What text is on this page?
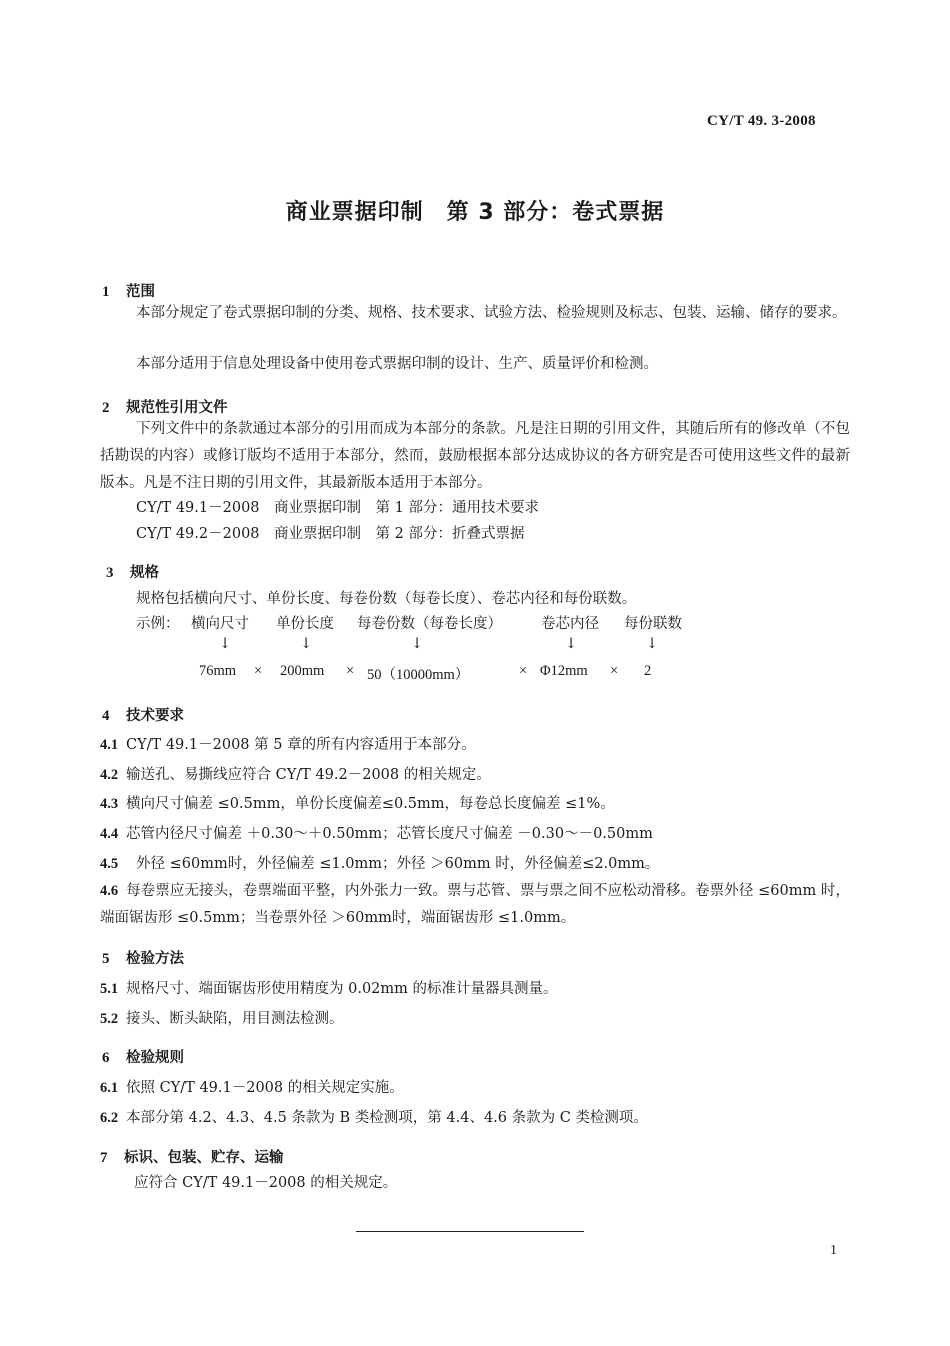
CY/T 49. 3-2008
商业票据印制　第 3 部分：卷式票据
1 范围
本部分规定了卷式票据印制的分类、规格、技术要求、试验方法、检验规则及标志、包装、运输、储存的要求。
本部分适用于信息处理设备中使用卷式票据印制的设计、生产、质量评价和检测。
2 规范性引用文件
下列文件中的条款通过本部分的引用而成为本部分的条款。凡是注日期的引用文件，其随后所有的修改单（不包括勘误的内容）或修订版均不适用于本部分，然而，鼓励根据本部分达成协议的各方研究是否可使用这些文件的最新版本。凡是不注日期的引用文件，其最新版本适用于本部分。
CY/T 49.1－2008　商业票据印制　第 1 部分：通用技术要求
CY/T 49.2－2008　商业票据印制　第 2 部分：折叠式票据
3 规格
规格包括横向尺寸、单份长度、每卷份数（每卷长度）、卷芯内径和每份联数。
示例： 横向尺寸 单份长度 每卷份数（每卷长度）	卷芯内径 每份联数
↓	↓	↓	↓	↓
76mm × 200mm × 50（10000mm）	× Φ12mm × 2
4 技术要求
4.1 CY/T 49.1－2008 第 5 章的所有内容适用于本部分。
4.2 输送孔、易撕线应符合 CY/T 49.2－2008 的相关规定。
4.3 横向尺寸偏差 ≤0.5mm，单份长度偏差≤0.5mm，每卷总长度偏差 ≤1%。
4.4 芯管内径尺寸偏差 ＋0.30～＋0.50mm；芯管长度尺寸偏差 －0.30～－0.50mm
4.5 外径 ≤60mm时，外径偏差 ≤1.0mm；外径 ＞60mm 时，外径偏差≤2.0mm。
4.6 每卷票应无接头，卷票端面平整，内外张力一致。票与芯管、票与票之间不应松动滑移。卷票外径 ≤60mm 时，端面锯齿形 ≤0.5mm；当卷票外径 ＞60mm时，端面锯齿形 ≤1.0mm。
5 检验方法
5.1 规格尺寸、端面锯齿形使用精度为 0.02mm 的标准计量器具测量。
5.2 接头、断头缺陷，用目测法检测。
6 检验规则
6.1 依照 CY/T 49.1－2008 的相关规定实施。
6.2 本部分第 4.2、4.3、4.5 条款为 B 类检测项，第 4.4、4.6 条款为 C 类检测项。
7 标识、包装、贮存、运输
应符合 CY/T 49.1－2008 的相关规定。
1
